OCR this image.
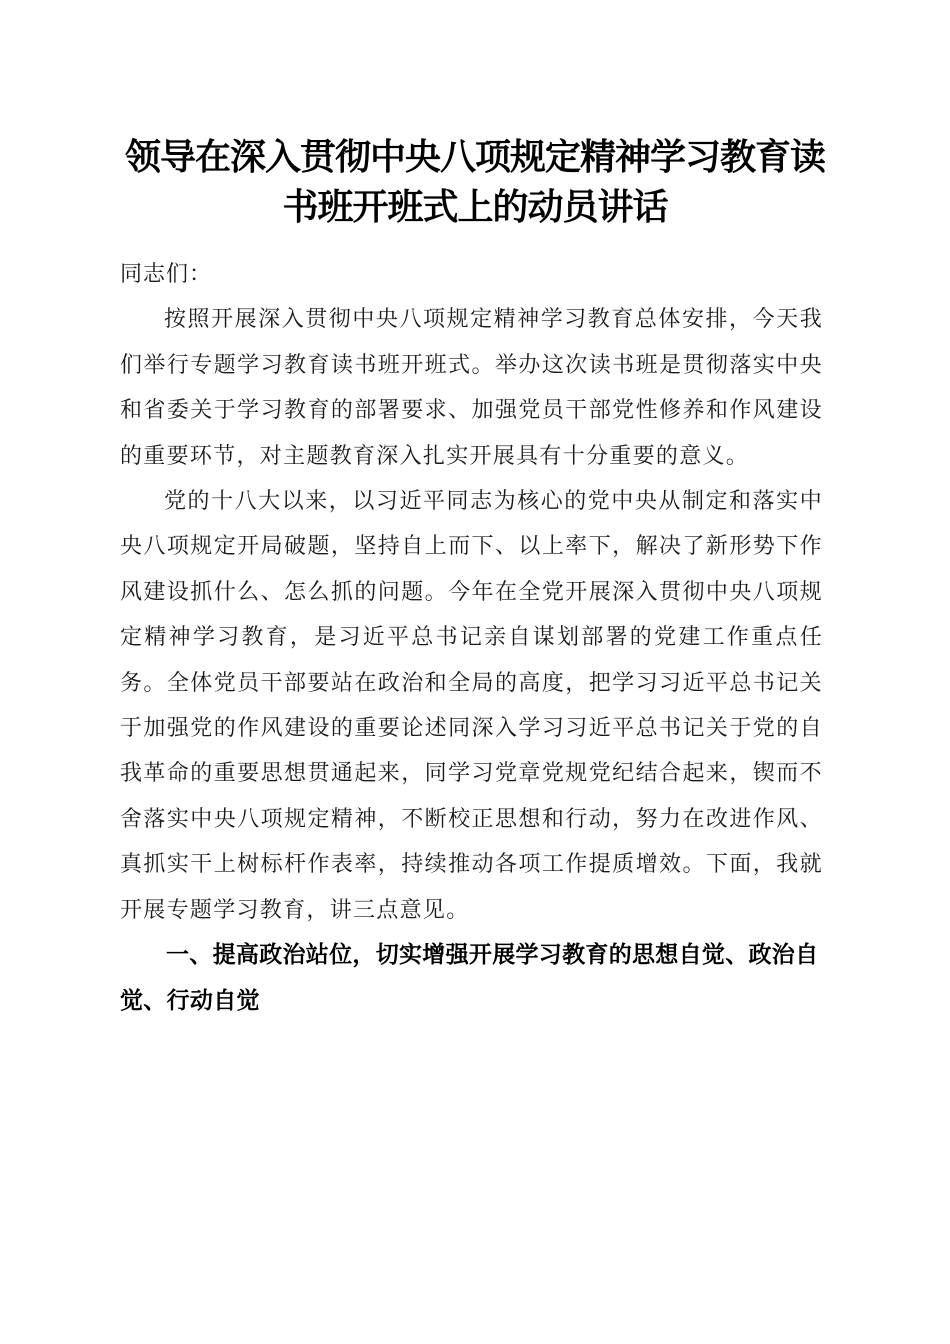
领导在深入贯彻中央八项规定精神学习教育读
书班开班式上的动员讲话

同志们：

按照开展深入贯彻中央八项规定精神学习教育总体安排，今天我们举行专题学习教育读书班开班式。举办这次读书班是贯彻落实中央和省委关于学习教育的部署要求、加强党员干部党性修养和作风建设的重要环节，对主题教育深入扎实开展具有十分重要的意义。

党的十八大以来，以习近平同志为核心的党中央从制定和落实中央八项规定开局破题，坚持自上而下、以上率下，解决了新形势下作风建设抓什么、怎么抓的问题。今年在全党开展深入贯彻中央八项规定精神学习教育，是习近平总书记亲自谋划部署的党建工作重点任务。全体党员干部要站在政治和全局的高度，把学习习近平总书记关于加强党的作风建设的重要论述同深入学习习近平总书记关于党的自我革命的重要思想贯通起来，同学习党章党规党纪结合起来，锲而不舍落实中央八项规定精神，不断校正思想和行动，努力在改进作风、真抓实干上树标杆作表率，持续推动各项工作提质增效。下面，我就开展专题学习教育，讲三点意见。

一、提高政治站位，切实增强开展学习教育的思想自觉、政治自觉、行动自觉
